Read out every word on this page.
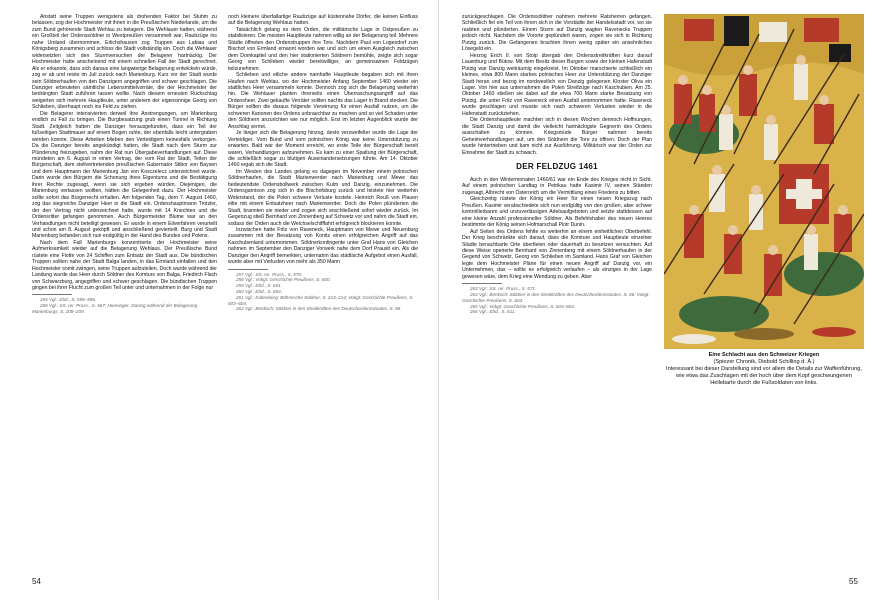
Anstatt seine Truppen wenigstens als drohenden Faktor bei Stuhm zu belassen, zog der Hochmeister mit ihnen in die Preußischen Niederlande, um die zum Bund gehörende Stadt Wehlau zu belagern. Die Wehlauer hatten, während ein Großteil der Ordenssöldner in Westpreußen versammelt war, Raubzüge ins nahe Umland übernommen. Erlichshausen zog Truppen aus Labiau und Königsberg zusammen und schloss die Stadt vollständig ein. Doch die Wehlauer widersetzten sich den Sturmversuchen der Belagerer hartnäckig. Der Hochmeister hatte anscheinend mit einem schnellen Fall der Stadt gerechnet. Als er erkannte, dass sich daraus eine langwierige Belagerung entwickeln würde, zog er ab und reiste im Juli zurück nach Marienburg. Kurz vor der Stadt wurde sein Söldnerhaufen von den Danzigern angegriffen und schwer geschlagen. Die Danziger erbeuteten sämtliche Lebensmittelvorräte, die der Hochmeister der bedrängten Stadt zuführen lassen wollte. Nach diesem erneuten Rückschlag weigerten sich mehrere Hauptleute, unter anderem der eigensinnige Georg von Schlieben, überhaupt noch ins Feld zu ziehen.

Die Belagerer intensivierten derweil ihre Anstrengungen, um Marienburg endlich zu Fall zu bringen. Die Burgbesatzung grub einen Tunnel in Richtung Stadt. Zeitgleich hatten die Danziger herausgefunden, dass ein Teil der fußseitigen Stadtmauer auf einem Bogen ruhte, der ebenfalls leicht untergraben werden konnte. Diese Arbeiten blieben den Verteidigern keinesfalls verborgen. Da die Danziger bereits angekündigt hatten, die Stadt nach dem Sturm zur Plünderung freizugeben, nahm der Rat nun Übergabeverhandlungen auf. Diese mündeten am 6. August in einen Vertrag, der vom Rat der Stadt, Teilen der Bürgerschaft, dem stellvertretenden preußischen Gubernator Stibor von Baysen und dem Hauptmann der Marienburg Jan von Kosczelecz unterzeichnet wurde. Darin wurde den Bürgern die Schonung ihres Eigentums und die Bestätigung ihrer Rechte zugesagt, wenn sie sich ergeben würden. Diejenigen, die Marienburg verlassen wollten, hätten die Gelegenheit dazu. Der Hochmeister sollte sofort das Bürgerrecht erhalten. Am folgenden Tag, dem 7. August 1460, zog das siegreiche Danziger Heer in die Stadt ein. Ordenshauptmann Trotzler, der den Vertrag nicht unterzeichnet hatte, wurde mit 14 Knechten und die Ordensritter gefangen genommen. Auch Bürgermeister Blume war an den Verhandlungen nicht beteiligt gewesen. Er wurde in einem Eilverfahren verurteilt und schon am 8. August geköpft und anschließend gevierteilt. Burg und Stadt Marienburg befanden sich nun endgültig in der Hand des Bundes und Polens.

Nach dem Fall Marienburgs konzentrierte der Hochmeister seine Aufmerksamkeit wieder auf die Belagerung Wehlaus. Der Preußische Bund rüstete eine Flotte von 24 Schiffen zum Entsatz der Stadt aus. Die bündischen Truppen sollten nahe der Stadt Balga landen, in das Ermland einfallen und den Hochmeister somit zwingen, seine Truppen aufzuteilen. Doch wurde während der Landung wurde das Heer durch Söldner des Komturs von Balga, Friedrich Flach von Schwarzburg, angegriffen und schwer geschlagen. Die bündischen Truppen gingen bei ihrer Flucht zum großen Teil unter und unternahmen in der Folge nur

255 Vgl.: Ebd., S. 595–596.

256 Vgl.: SS. rer. Pruss., S. 567; Hoeninger: Danzig während der Belagerung Marienburgs, S. 208–209.

noch kleinere überfallartige Raubzüge auf küstennahe Dörfer, die keinen Einfluss auf die Belagerung Wehlaus hatten.

Tatsächlich gelang es dem Orden, die militärische Lage in Ostpreußen zu stabilisieren. Die meisten Hauptleute nahmen willig an der Belagerung teil. Mehrere Städte öffneten den Ordenstruppen ihre Tore. Nachdem Paul von Logendorf zum Bischof von Ermland ernannt worden war und sich um einen Ausgleich zwischen dem Domkapitel und den hier stationierten Söldnern bemühte, zeigte sich sogar Georg von Schlieben wieder bereitwilliger, an gemeinsamen Feldzügen teilzunehmen.

Schlieben und etliche andere namhafte Hauptleute begaben sich mit ihren Haufen nach Wehlau, wo der Hochmeister Anfang September 1460 wieder ein stattliches Heer versammeln konnte. Dennoch zog sich die Belagerung weiterhin hin. Die Wehlauer planten ihrerseits einen Überraschungsangriff auf das Ordensheer. Zwei gekaufte Verräter sollten nachts das Lager in Brand stecken. Die Bürger sollten die daraus folgende Verwirrung für einen Ausfall nutzen, um die schweren Kanonen des Ordens unbrauchbar zu machen und so viel Schaden unter den Söldnern anzurichten wie nur möglich. Erst im letzten Augenblick wurde der Anschlag verriet.

Je länger sich die Belagerung hinzog, desto verzweifelter wurde die Lage der Verteidiger. Vom Bund und vom polnischen König war keine Unterstützung zu erwarten. Bald war der Moment erreicht, wo erste Teile der Bürgerschaft bereit waren, Verhandlungen aufzunehmen. Es kam zu einer Spaltung der Bürgerschaft, die schließlich sogar zu blutigen Auseinandersetzungen führte. Am 14. Oktober 1460 ergab sich die Stadt.

Im Westen des Landes gelang es dagegen im November einem polnischen Söldnerhaufen, die Stadt Marienwerder nach Marienburg und Mewe das bedeutendste Ordensbollwerk zwischen Kulm und Danzig, einzunehmen. Die Ordensgarnison zog sich in die Bischofsburg zurück und leistete hier weiterhin Widerstand, der die Polen schwere Verluste kostete. Heinrich Reuß von Plauen eilte mit einem Entsatzheer nach Marienwerder. Doch die Polen plünderten die Stadt, brannten sie nieder und zogen sich anschließend sofort wieder zurück. Im Gegenzug stieß Bernhard von Zinnenberg auf Schwetz vor und nahm die Stadt ein, sodass der Orden auch die Weichselschifffahrt erfolgreich blockieren konnte.

Inzwischen hatte Fritz von Raveneck, Hauptmann von Mewe und Neuenburg zusammen mit der Besatzung von Konitz einen erfolgreichen Angriff auf das Kaschubenland unternommen. Söldnerkontingente unter Graf Hans von Gleichen nahmen im September den Danziger Vorwerk nahe dem Dorf Prausit ein. Als die Danziger den Angriff bemerkten, unternahm das städtische Aufgebot einen Ausfall, wurde aber mit Verlusten von mehr als 350 Mann

257 Vgl.: SS. rer. Pruss., S. 570.

258 Vgl.: Vokgt: Geschichte Preußens, S. 600.

259 Vgl.: Ebd., S. 601.

260 Vgl.: Ebd., S. 603.

261 Vgl.: Kaltenberg: Böhmische Söldner, S. 213–214; Vokgt: Geschichte Preußens, S. 603–604.

262 Vgl.: Benksch: Söldner in den Streitkräften des Deutschordensstaates, S. 86.

54

zurückgeschlagen. Die Ordenssöldner nahmen mehrere Ratsherren gefangen. Schließlich fiel ein Teil von ihnen sich in die Vorstädte der Handelsstadt vor, wo sie raubten und plünderten. Einem Sturm auf Danzig wagten Ravenecks Truppen jedoch nicht. Nachdem die Vororte geplündert waren, zogen sie sich in Richtung Putzig zurück. Die Gefangenen brachten ihnen wenig später ein ansehnliches Lösegeld ein.

Herzog Erich II. von Stolp übergab den Ordensstreitkräften kurz darauf Lauenburg und Bütow. Mit dem Besitz dieser Burgen sowie der kleinen Hafenstadt Putzig war Danzig weiträumig eingekreist. Im Oktober marschierte schließlich ein kleines, etwa 800 Mann starkes polnisches Heer zur Unterstützung der Danziger Stadt heran und bezog im nordwestlich von Danzig gelegenen Kloster Oliva ein Lager. Von hier aus unternahmen die Polen Streifzüge nach Kaschubien. Am 25. Oktober 1460 stießen sie dabei auf die etwa 700 Mann starke Besatzung von Putzig, die unter Fritz von Raveneck einen Ausfall unternommen hatte. Raveneck wurde geschlagen und musste sich nach schweren Verlusten wieder in die Hafenstadt zurückziehen.

Die Ordenshauptleute machten sich in diesen Wochen dennoch Hoffnungen, die Stadt Danzig und damit die vielleicht hartnäckigste Gegnerin des Ordens ausschalten zu können. Kriegsmüde Bürger nahmen bereits Geheimverhandlungen auf, um den Söldnern die Tore zu öffnen. Doch der Plan wurde hintertrieben und kam nicht zur Ausführung. Militärisch war der Orden zur Einnahme der Stadt zu schwach.

DER FELDZUG 1461

Auch in den Wintermonaten 1460/61 war ein Ende des Krieges nicht in Sicht. Auf einem polnischen Landtag in Petrikau hatte Kasimir IV. seinen Ständen zugesagt, Albrecht von Österreich um die Vermittlung eines Friedens zu bitten.

Gleichzeitig rüstete der König ein Heer für einen neuen Kriegszug nach Preußen. Kasimir verabschiedete sich nun endgültig von den großen, aber schwer kontrollierbaren und unzuverlässigen Adelsaufgeboten und setzte stattdessen auf eine kleine Anzahl professioneller Söldner. Als Befehlshaber des neuen Heeres bestimmte der König seinen Hofmarschall Piotr Dunin.

Auf Seiten des Ordens fehlte es weiterhin an einem einheitlichen Oberbefehl. Der Krieg beschränkte sich darauf, dass die Komture und Hauptleute einzelner Städte benachbarte Orte überfielen oder dauerhaft zu besetzen versuchten. Auf diese Weise operierte Bernhard von Zinnenberg mit einem Söldnerhaufen in der Gegend von Schwetz, Georg von Schlieben im Samland. Hans Graf von Gleichen legte dem Hochmeister Pläne für einen neuen Angriff auf Danzig vor, ein Unternehmen, das – sollte es erfolgreich verlaufen – als einziges in der Lage gewesen wäre, dem Krieg eine Wendung zu geben. Aber

263 Vgl.: SS. rer. Pruss., S. 571.

264 Vgl.: Benksch: Söldner in den Streitkräften des Deutschordensstaates, S. 66; Vokgt: Geschichte Preußens, S. 603.

265 Vgl.: Vokgt: Geschichte Preußens, S. 603–604.

266 Vgl.: Ebd., S. 611.

Eine Schlacht aus den Schweizer Kriegen
(Spiezer Chronik, Diebold Schilling d. Ä.)
Interessant bei dieser Darstellung sind vor allem die Details zur Waffenführung, wie etwa das Zuschlagen mit der hoch über dem Kopf geschwungenen Hellebarte durch die Fußsoldaten von links.
55
